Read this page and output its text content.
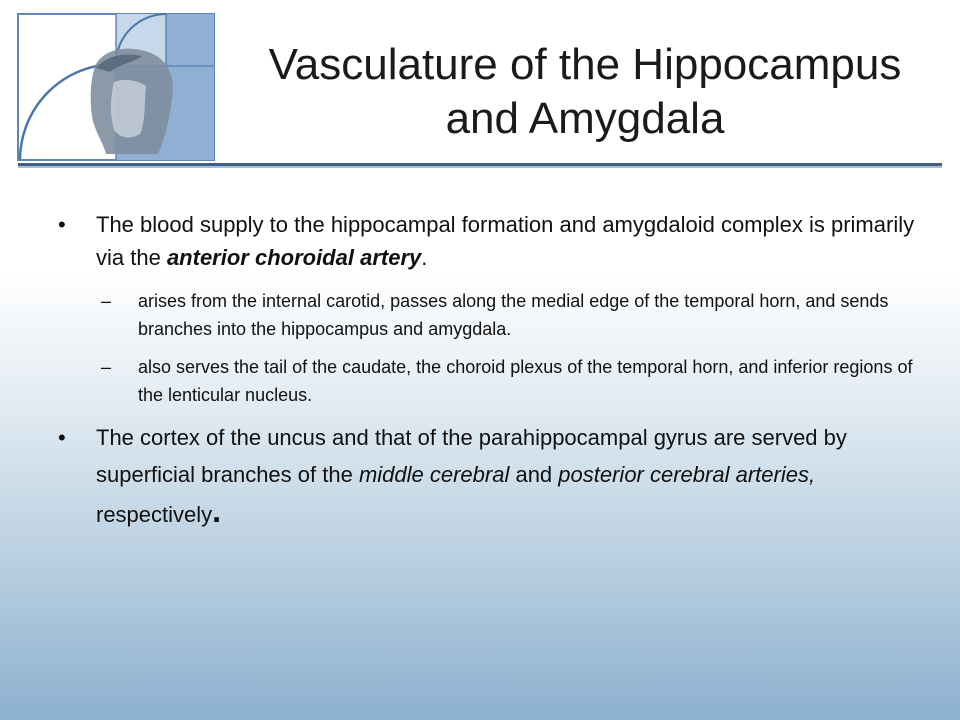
Vasculature of the Hippocampus
and Amygdala
• The blood supply to the hippocampal formation and amygdaloid complex is primarily via the anterior choroidal artery.
– arises from the internal carotid, passes along the medial edge of the temporal horn, and sends branches into the hippocampus and amygdala.
– also serves the tail of the caudate, the choroid plexus of the temporal horn, and inferior regions of the lenticular nucleus.
• The cortex of the uncus and that of the parahippocampal gyrus are served by superficial branches of the middle cerebral and posterior cerebral arteries, respectively.
